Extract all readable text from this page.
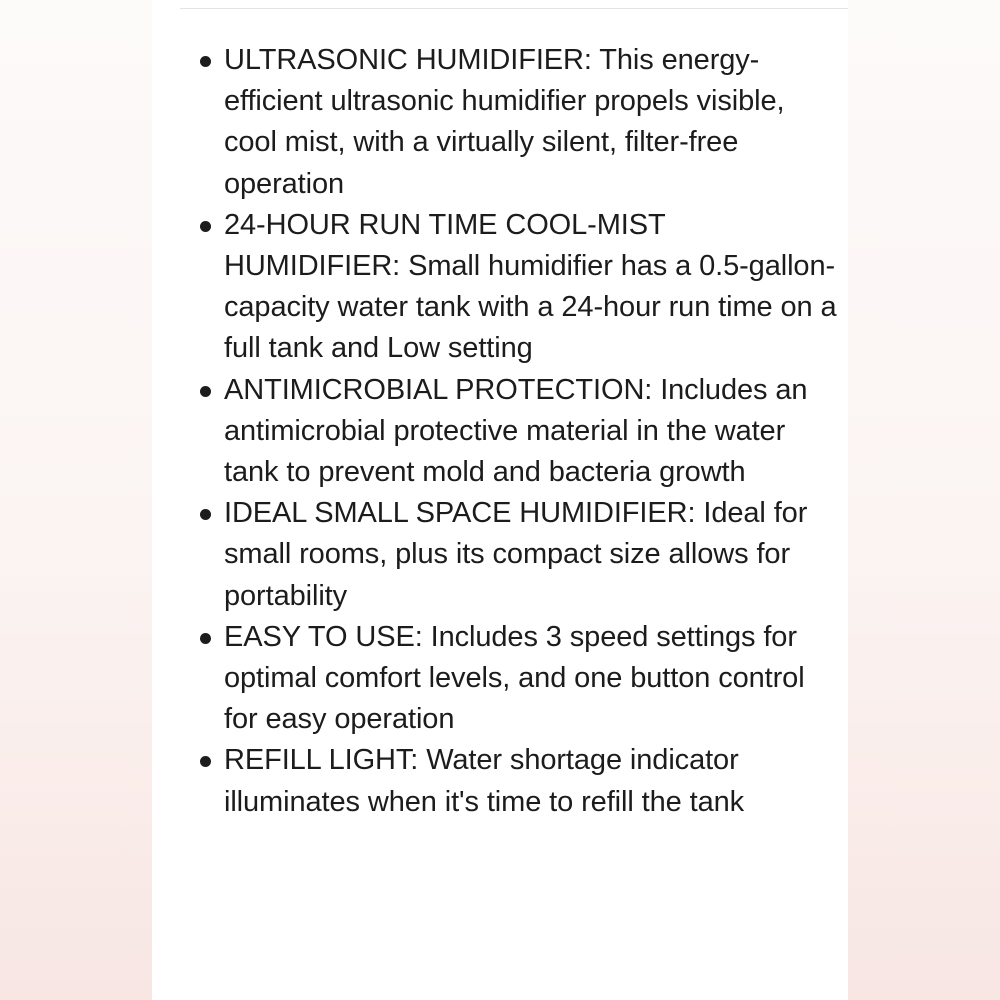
ULTRASONIC HUMIDIFIER: This energy-efficient ultrasonic humidifier propels visible, cool mist, with a virtually silent, filter-free operation
24-HOUR RUN TIME COOL-MIST HUMIDIFIER: Small humidifier has a 0.5-gallon-capacity water tank with a 24-hour run time on a full tank and Low setting
ANTIMICROBIAL PROTECTION: Includes an antimicrobial protective material in the water tank to prevent mold and bacteria growth
IDEAL SMALL SPACE HUMIDIFIER: Ideal for small rooms, plus its compact size allows for portability
EASY TO USE: Includes 3 speed settings for optimal comfort levels, and one button control for easy operation
REFILL LIGHT: Water shortage indicator illuminates when it's time to refill the tank
